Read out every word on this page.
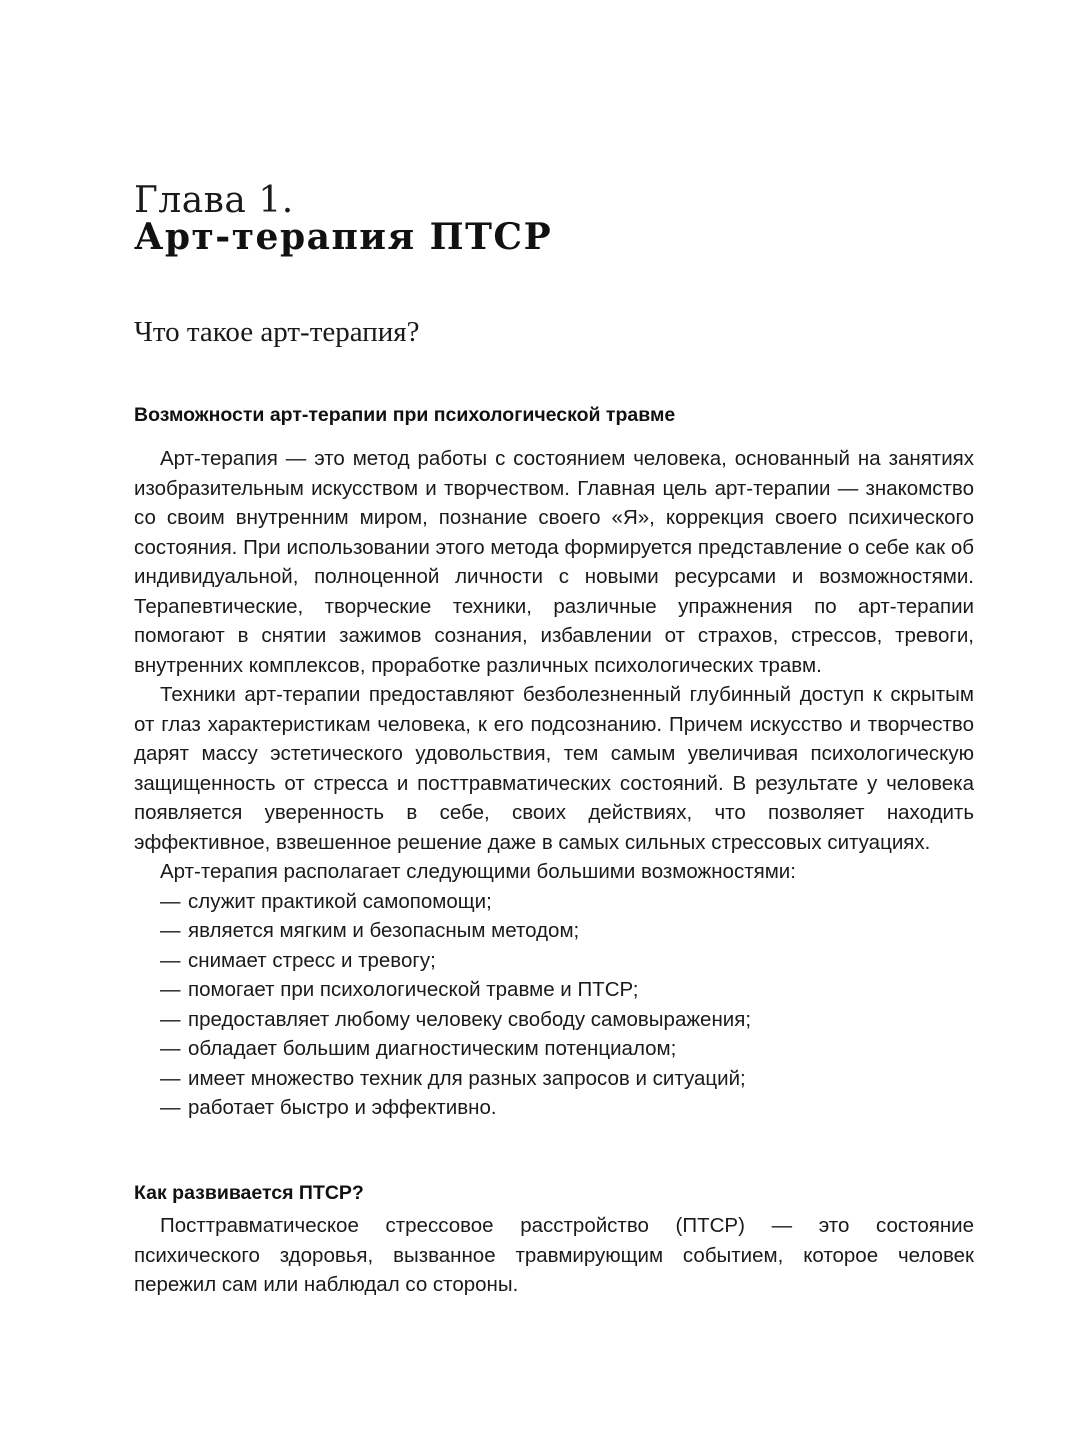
Глава 1.
Арт-терапия ПТСР
Что такое арт-терапия?
Возможности арт-терапии при психологической травме

Арт-терапия — это метод работы с состоянием человека, основанный на занятиях изобразительным искусством и творчеством. Главная цель арт-терапии — знакомство со своим внутренним миром, познание своего «Я», коррекция своего психического состояния. При использовании этого метода формируется представление о себе как об индивидуальной, полноценной личности с новыми ресурсами и возможностями. Терапевтические, творческие техники, различные упражнения по арт-терапии помогают в снятии зажимов сознания, избавлении от страхов, стрессов, тревоги, внутренних комплексов, проработке различных психологических травм.

Техники арт-терапии предоставляют безболезненный глубинный доступ к скрытым от глаз характеристикам человека, к его подсознанию. Причем искусство и творчество дарят массу эстетического удовольствия, тем самым увеличивая психологическую защищенность от стресса и посттравматических состояний. В результате у человека появляется уверенность в себе, своих действиях, что позволяет находить эффективное, взвешенное решение даже в самых сильных стрессовых ситуациях.

Арт-терапия располагает следующими большими возможностями:

— служит практикой самопомощи;
— является мягким и безопасным методом;
— снимает стресс и тревогу;
— помогает при психологической травме и ПТСР;
— предоставляет любому человеку свободу самовыражения;
— обладает большим диагностическим потенциалом;
— имеет множество техник для разных запросов и ситуаций;
— работает быстро и эффективно.
Как развивается ПТСР?

Посттравматическое стрессовое расстройство (ПТСР) — это состояние психического здоровья, вызванное травмирующим событием, которое человек пережил сам или наблюдал со стороны.
